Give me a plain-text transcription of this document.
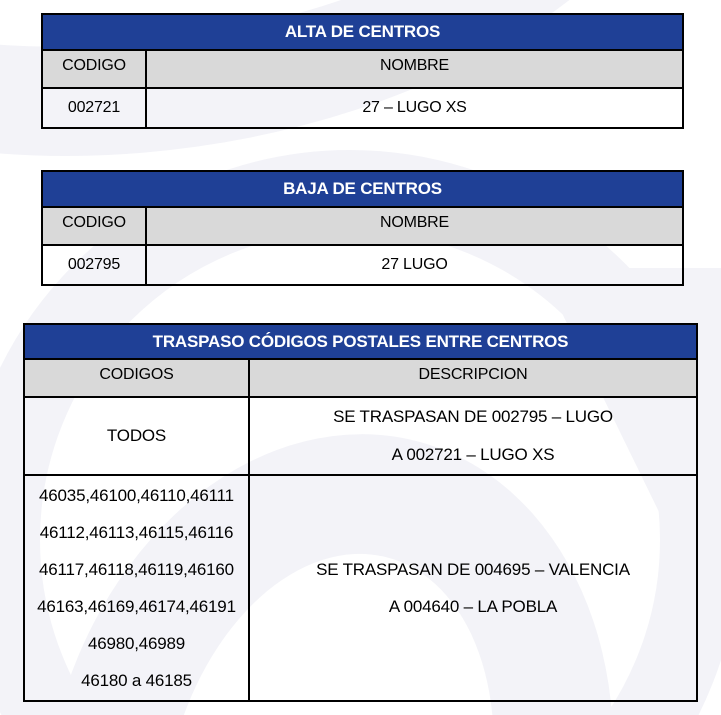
ALTA DE CENTROS	
CODIGO	NOMBRE
002721	27 – LUGO XS
BAJA DE CENTROS	
CODIGO	NOMBRE
002795	27 LUGO
TRASPASO CÓDIGOS POSTALES ENTRE CENTROS	
CODIGOS	DESCRIPCION

TODOS	SE TRASPASAN DE 002795 – LUGO
A 002721 – LUGO XS

46035,46100,46110,46111
46112,46113,46115,46116
46117,46118,46119,46160
46163,46169,46174,46191
46980,46989
46180 a 46185

SE TRASPASAN DE 004695 – VALENCIA
A 004640 – LA POBLA
